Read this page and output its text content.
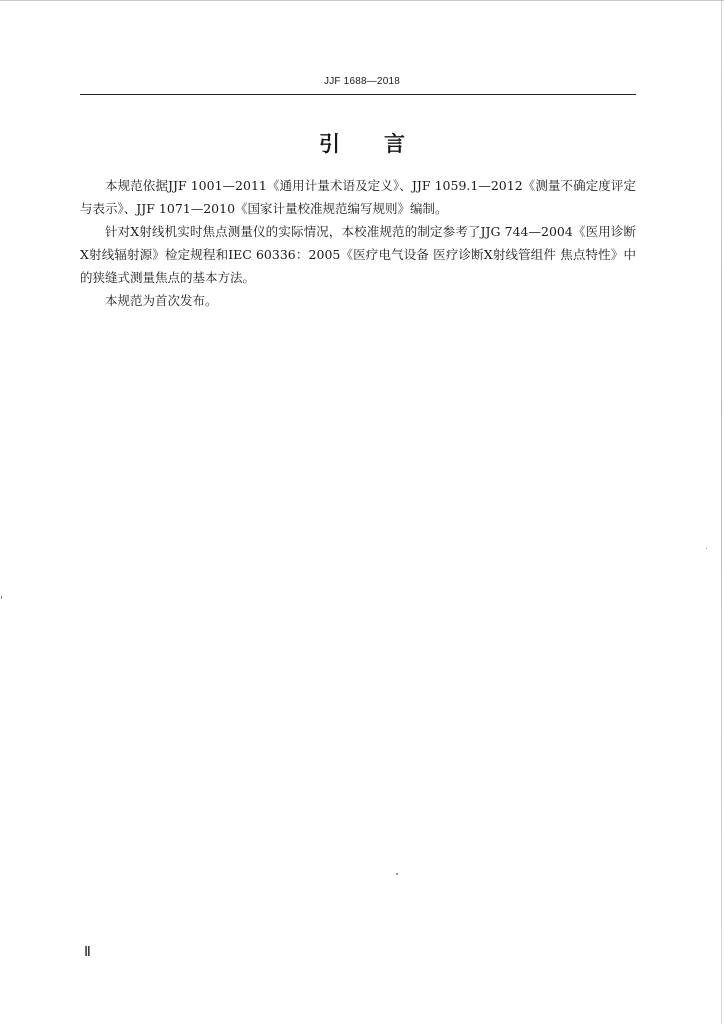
JJF 1688—2018
引言

本规范依据JJF 1001—2011《通用计量术语及定义》、JJF 1059.1—2012《测量不确定度评定与表示》、JJF 1071—2010《国家计量校准规范编写规则》编制。

针对X射线机实时焦点测量仪的实际情况，本校准规范的制定参考了JJG 744—2004《医用诊断X射线辐射源》检定规程和IEC 60336：2005《医疗电气设备 医疗诊断X射线管组件 焦点特性》中的狭缝式测量焦点的基本方法。

本规范为首次发布。

Ⅱ
